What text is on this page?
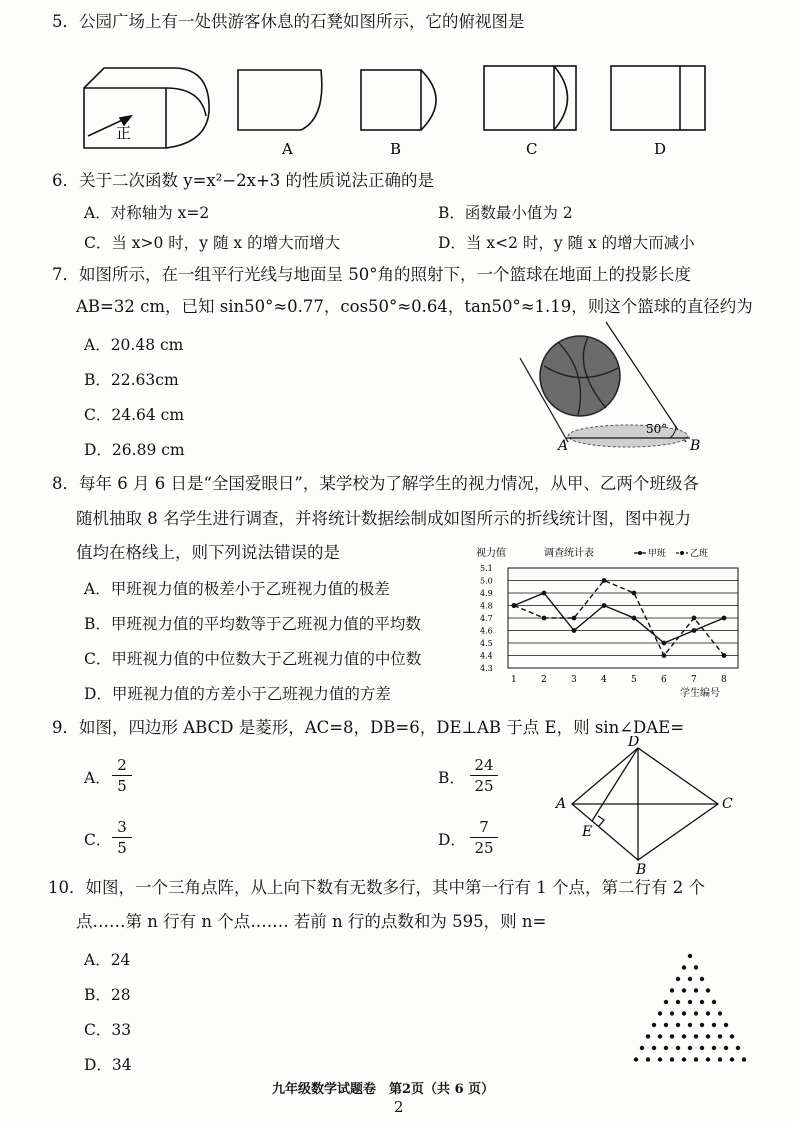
5．公园广场上有一处供游客休息的石凳如图所示，它的俯视图是
正
A	B	C	D
6．关于二次函数 y=x²−2x+3 的性质说法正确的是
A．对称轴为 x=2	B．函数最小值为 2
C．当 x>0 时，y 随 x 的增大而增大	D．当 x<2 时，y 随 x 的增大而减小
7．如图所示，在一组平行光线与地面呈 50°角的照射下，一个篮球在地面上的投影长度
AB=32 cm，已知 sin50°≈0.77，cos50°≈0.64，tan50°≈1.19，则这个篮球的直径约为
A．20.48 cm
B．22.63cm
C．24.64 cm
D．26.89 cm
50°
A	B
8．每年 6 月 6 日是“全国爱眼日”，某学校为了解学生的视力情况，从甲、乙两个班级各
随机抽取 8 名学生进行调查，并将统计数据绘制成如图所示的折线统计图，图中视力
值均在格线上，则下列说法错误的是
A．甲班视力值的极差小于乙班视力值的极差
B．甲班视力值的平均数等于乙班视力值的平均数
C．甲班视力值的中位数大于乙班视力值的中位数
D．甲班视力值的方差小于乙班视力值的方差
视力值	调查统计表	甲班	乙班
5.1
5.0
4.9
4.8
4.7
4.6
4.5
4.4
4.3
1	2	3	4	5	6	7	8
学生编号
9．如图，四边形 ABCD 是菱形，AC=8，DB=6，DE⊥AB 于点 E，则 sin∠DAE=
A．
2
5	B．
24
25
C．
3
5	D．
7
25
D
A	C
B
E
10．如图，一个三角点阵，从上向下数有无数多行，其中第一行有 1 个点，第二行有 2 个
点……第 n 行有 n 个点……. 若前 n 行的点数和为 595，则 n=
A．24
B．28
C．33
D．34
九年级数学试题卷　第2页（共 6 页）
2
